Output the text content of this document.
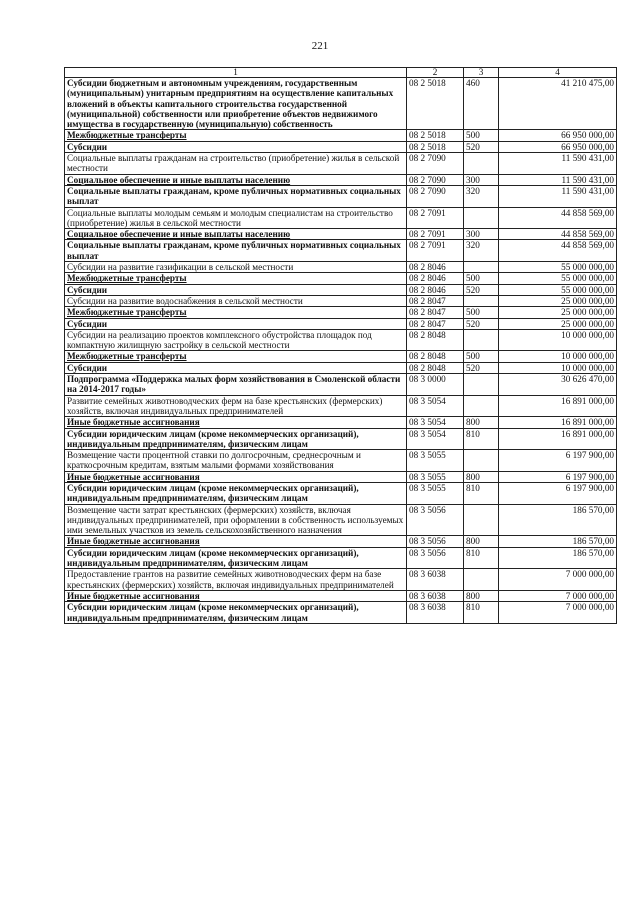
221
1	2	3	4
Субсидии бюджетным и автономным учреждениям, государственным (муниципальным) унитарным предприятиям на осуществление капитальных вложений в объекты капитального строительства государственной (муниципальной) собственности или приобретение объектов недвижимого имущества в государственную (муниципальную) собственность	08 2 5018	460	41 210 475,00
Межбюджетные трансферты	08 2 5018	500	66 950 000,00
Субсидии	08 2 5018	520	66 950 000,00
Социальные выплаты гражданам на строительство (приобретение) жилья в сельской местности	08 2 7090		11 590 431,00
Социальное обеспечение и иные выплаты населению	08 2 7090	300	11 590 431,00
Социальные выплаты гражданам, кроме публичных нормативных социальных выплат	08 2 7090	320	11 590 431,00
Социальные выплаты молодым семьям и молодым специалистам на строительство (приобретение) жилья в сельской местности	08 2 7091		44 858 569,00
Социальное обеспечение и иные выплаты населению	08 2 7091	300	44 858 569,00
Социальные выплаты гражданам, кроме публичных нормативных социальных выплат	08 2 7091	320	44 858 569,00
Субсидии на развитие газификации в сельской местности	08 2 8046		55 000 000,00
Межбюджетные трансферты	08 2 8046	500	55 000 000,00
Субсидии	08 2 8046	520	55 000 000,00
Субсидии на развитие водоснабжения в сельской местности	08 2 8047		25 000 000,00
Межбюджетные трансферты	08 2 8047	500	25 000 000,00
Субсидии	08 2 8047	520	25 000 000,00
Субсидии на реализацию проектов комплексного обустройства площадок под компактную жилищную застройку в сельской местности	08 2 8048		10 000 000,00
Межбюджетные трансферты	08 2 8048	500	10 000 000,00
Субсидии	08 2 8048	520	10 000 000,00
Подпрограмма «Поддержка малых форм хозяйствования в Смоленской области на 2014-2017 годы»	08 3 0000		30 626 470,00
Развитие семейных животноводческих ферм на базе крестьянских (фермерских) хозяйств, включая индивидуальных предпринимателей	08 3 5054		16 891 000,00
Иные бюджетные ассигнования	08 3 5054	800	16 891 000,00
Субсидии юридическим лицам (кроме некоммерческих организаций), индивидуальным предпринимателям, физическим лицам	08 3 5054	810	16 891 000,00
Возмещение части процентной ставки по долгосрочным, среднесрочным и краткосрочным кредитам, взятым малыми формами хозяйствования	08 3 5055		6 197 900,00
Иные бюджетные ассигнования	08 3 5055	800	6 197 900,00
Субсидии юридическим лицам (кроме некоммерческих организаций), индивидуальным предпринимателям, физическим лицам	08 3 5055	810	6 197 900,00
Возмещение части затрат крестьянских (фермерских) хозяйств, включая индивидуальных предпринимателей, при оформлении в собственность используемых ими земельных участков из земель сельскохозяйственного назначения	08 3 5056		186 570,00
Иные бюджетные ассигнования	08 3 5056	800	186 570,00
Субсидии юридическим лицам (кроме некоммерческих организаций), индивидуальным предпринимателям, физическим лицам	08 3 5056	810	186 570,00
Предоставление грантов на развитие семейных животноводческих ферм на базе крестьянских (фермерских) хозяйств, включая индивидуальных предпринимателей	08 3 6038		7 000 000,00
Иные бюджетные ассигнования	08 3 6038	800	7 000 000,00
Субсидии юридическим лицам (кроме некоммерческих организаций), индивидуальным предпринимателям, физическим лицам	08 3 6038	810	7 000 000,00
